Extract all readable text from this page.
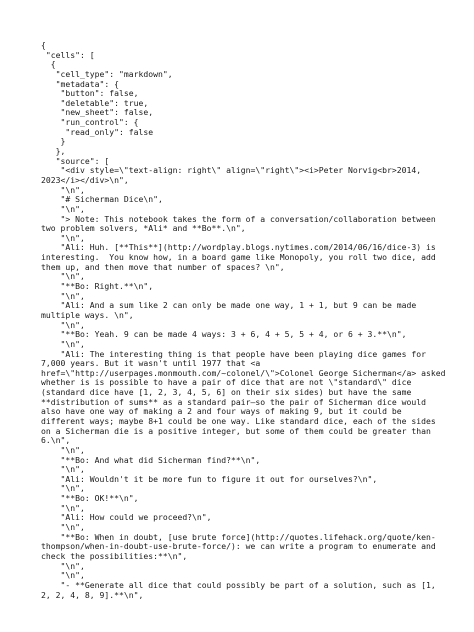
{
"cells": [
{
"cell_type": "markdown",
"metadata": {
"button": false,
"deletable": true,
"new_sheet": false,
"run_control": {
"read_only": false
}
},
"source": [
"<div style=\"text-align: right\" align=\"right\"><i>Peter Norvig<br>2014,
2023</i></div>\n",
"\n",
"# Sicherman Dice\n",
"\n",
"> Note: This notebook takes the form of a conversation/collaboration between
two problem solvers, *Ali* and **Bo**.\n",
"\n",
"Ali: Huh. [**This**](http://wordplay.blogs.nytimes.com/2014/06/16/dice-3) is
interesting.  You know how, in a board game like Monopoly, you roll two dice, add
them up, and then move that number of spaces? \n",
"\n",
"**Bo: Right.**\n",
"\n",
"Ali: And a sum like 2 can only be made one way, 1 + 1, but 9 can be made
multiple ways. \n",
"\n",
"**Bo: Yeah. 9 can be made 4 ways: 3 + 6, 4 + 5, 5 + 4, or 6 + 3.**\n",
"\n",
"Ali: The interesting thing is that people have been playing dice games for
7,000 years. But it wasn't until 1977 that <a
href=\"http://userpages.monmouth.com/~colonel/\">Colonel George Sicherman</a> asked
whether is is possible to have a pair of dice that are not \"standard\" dice
(standard dice have [1, 2, 3, 4, 5, 6] on their six sides) but have the same
**distribution of sums** as a standard pair–so the pair of Sicherman dice would
also have one way of making a 2 and four ways of making 9, but it could be
different ways; maybe 8+1 could be one way. Like standard dice, each of the sides
on a Sicherman die is a positive integer, but some of them could be greater than
6.\n",
"\n",
"**Bo: And what did Sicherman find?**\n",
"\n",
"Ali: Wouldn't it be more fun to figure it out for ourselves?\n",
"\n",
"**Bo: OK!**\n",
"\n",
"Ali: How could we proceed?\n",
"\n",
"**Bo: When in doubt, [use brute force](http://quotes.lifehack.org/quote/ken-
thompson/when-in-doubt-use-brute-force/): we can write a program to enumerate and
check the possibilities:**\n",
"\n",
"\n",
"- **Generate all dice that could possibly be part of a solution, such as [1,
2, 2, 4, 8, 9].**\n",
